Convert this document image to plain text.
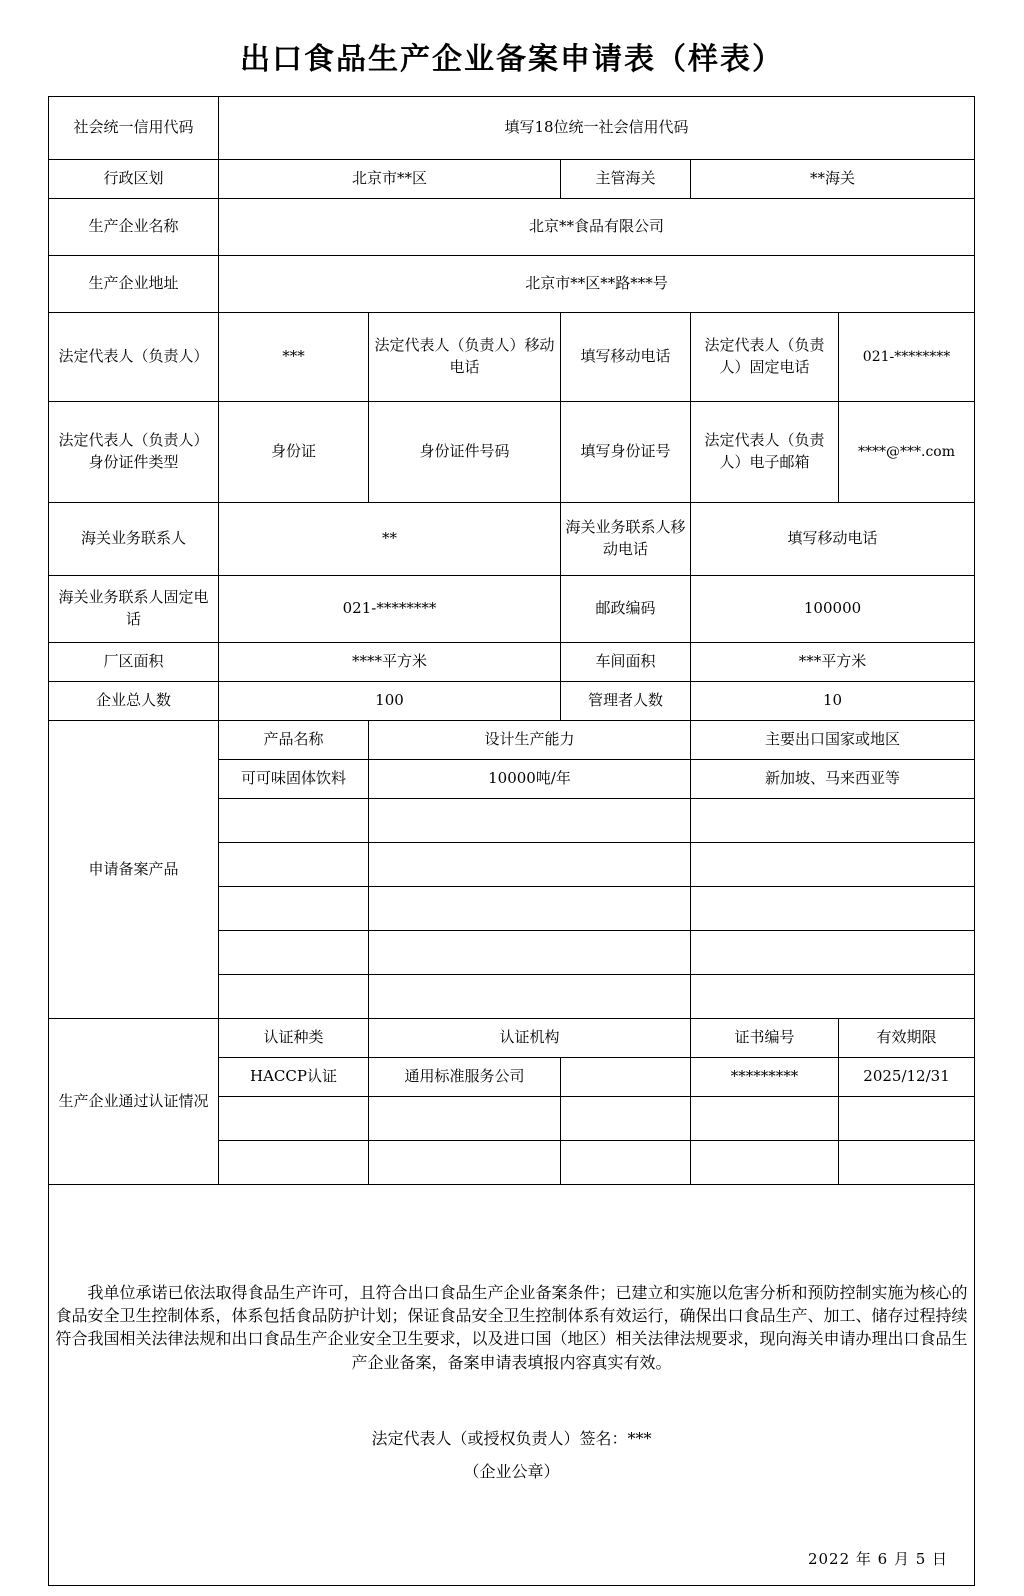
出口食品生产企业备案申请表（样表）
社会统一信用代码	填写18位统一社会信用代码				
行政区划	北京市**区		主管海关	**海关	
生产企业名称	北京**食品有限公司				
生产企业地址	北京市**区**路***号				
法定代表人（负责人）	***	法定代表人（负责人）移动电话	填写移动电话	法定代表人（负责人）固定电话	021-********
法定代表人（负责人）身份证件类型	身份证	身份证件号码	填写身份证号	法定代表人（负责人）电子邮箱	****@***.com
海关业务联系人	**		海关业务联系人移动电话	填写移动电话	
海关业务联系人固定电话	021-********		邮政编码	100000	
厂区面积	****平方米		车间面积	***平方米	
企业总人数	100		管理者人数	10	
申请备案产品	产品名称	设计生产能力		主要出口国家或地区	
	可可味固体饮料	10000吨/年		新加坡、马来西亚等	

生产企业通过认证情况	认证种类	认证机构		证书编号	有效期限
	HACCP认证	通用标准服务公司		*********	2025/12/31

我单位承诺已依法取得食品生产许可，且符合出口食品生产企业备案条件；已建立和实施以危害分析和预防控制实施为核心的食品安全卫生控制体系，体系包括食品防护计划；保证食品安全卫生控制体系有效运行，确保出口食品生产、加工、储存过程持续符合我国相关法律法规和出口食品生产企业安全卫生要求，以及进口国（地区）相关法律法规要求，现向海关申请办理出口食品生产企业备案，备案申请表填报内容真实有效。
法定代表人（或授权负责人）签名：***
（企业公章）
2022 年 6 月 5 日					
